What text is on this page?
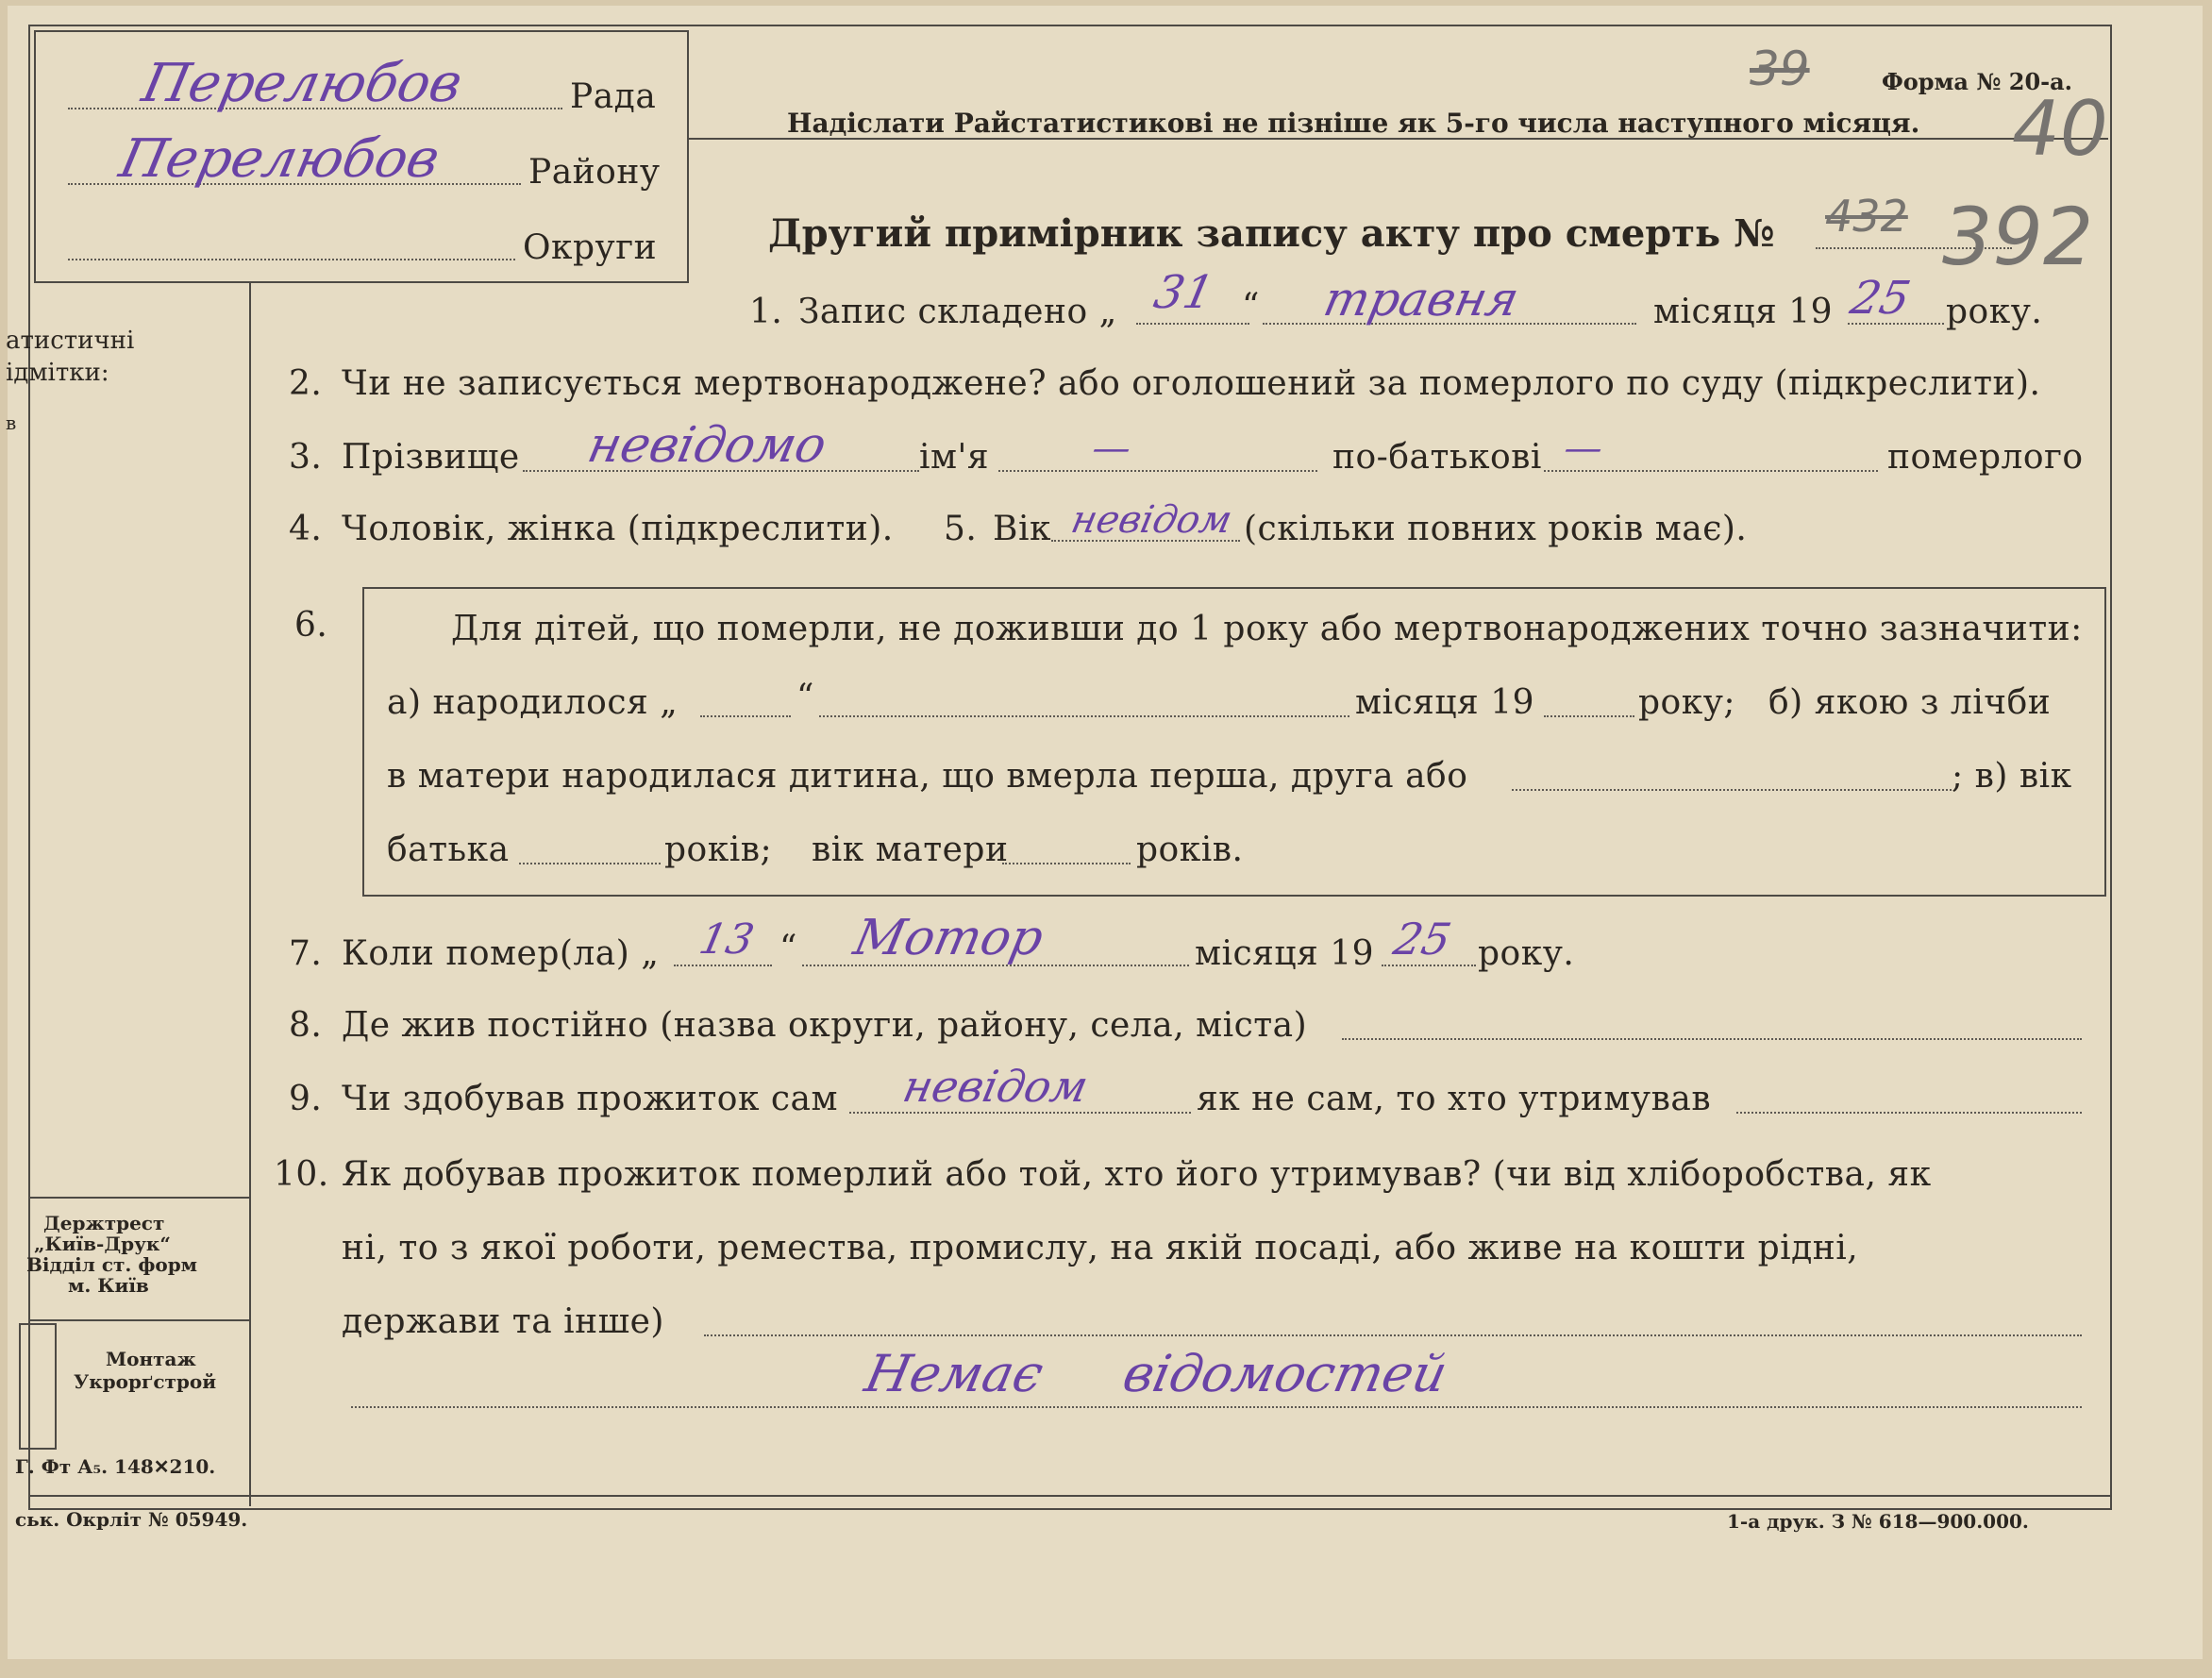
Рада
Району
Округи
Перелюбов
Перелюбов
Форма № 20-а.
39
40
Надіслати Райстатистикові не пізніше як 5-го числа наступного місяця.
Другий примірник запису акту про смерть № 432 392
атистичні
ідмітки:
в
1. Запис складено „ 31 “ травня	місяця 19 25 року.
2. Чи не записується мертвонароджене? або оголошений за померлого по суду (підкреслити).
3. Прізвище невідомо	ім'я	—	по-батькові —	померлого
4. Чоловік, жінка (підкреслити). 5. Вік невідом (скільки повних років має).
6.	Для дітей, що померли, не доживши до 1 року або мертвонароджених точно зазначити:
а) народилося „	“	місяця 19	року; б) якою з лічби
в матери народилася дитина, що вмерла перша, друга або	; в) вік
батька	років; вік матери	років.
7. Коли помер(ла) „ 13 “ Мотор	місяця 19 25 року.
8. Де жив постійно (назва округи, району, села, міста)
9. Чи здобував прожиток сам невідом	як не сам, то хто утримував
10. Як добував прожиток померлий або той, хто його утримував? (чи від хліборобства, як
ні, то з якої роботи, ремества, промислу, на якій посаді, або живе на кошти рідні,
держави та інше)
Немає відомостей
Держтрест
„Київ-Друк“
Відділ ст. форм
м. Київ
Монтаж
Укрорґстрой
Г. Фт А₅. 148✕210.
ськ. Окрліт № 05949.	1-а друк. З № 618—900.000.
